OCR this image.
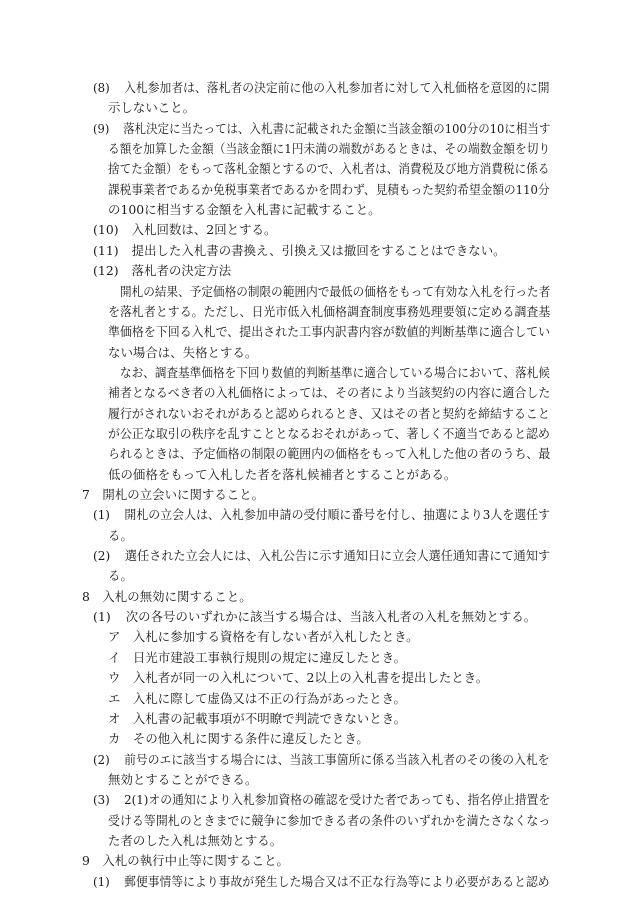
(8) 入札参加者は、落札者の決定前に他の入札参加者に対して入札価格を意図的に開
示しないこと。
(9) 落札決定に当たっては、入札書に記載された金額に当該金額の100分の10に相当す
る額を加算した金額（当該金額に1円未満の端数があるときは、その端数金額を切り
捨てた金額）をもって落札金額とするので、入札者は、消費税及び地方消費税に係る
課税事業者であるか免税事業者であるかを問わず、見積もった契約希望金額の110分
の100に相当する金額を入札書に記載すること。
(10) 入札回数は、2回とする。
(11) 提出した入札書の書換え、引換え又は撤回をすることはできない。
(12) 落札者の決定方法
開札の結果、予定価格の制限の範囲内で最低の価格をもって有効な入札を行った者
を落札者とする。ただし、日光市低入札価格調査制度事務処理要領に定める調査基
準価格を下回る入札で、提出された工事内訳書内容が数値的判断基準に適合してい
ない場合は、失格とする。
なお、調査基準価格を下回り数値的判断基準に適合している場合において、落札候
補者となるべき者の入札価格によっては、その者により当該契約の内容に適合した
履行がされないおそれがあると認められるとき、又はその者と契約を締結すること
が公正な取引の秩序を乱すこととなるおそれがあって、著しく不適当であると認め
られるときは、予定価格の制限の範囲内の価格をもって入札した他の者のうち、最
低の価格をもって入札した者を落札候補者とすることがある。
7　開札の立会いに関すること。
(1) 開札の立会人は、入札参加申請の受付順に番号を付し、抽選により3人を選任す
る。
(2) 選任された立会人には、入札公告に示す通知日に立会人選任通知書にて通知す
る。
8　入札の無効に関すること。
(1) 次の各号のいずれかに該当する場合は、当該入札者の入札を無効とする。
ア　入札に参加する資格を有しない者が入札したとき。
イ　日光市建設工事執行規則の規定に違反したとき。
ウ　入札者が同一の入札について、2以上の入札書を提出したとき。
エ　入札に際して虚偽又は不正の行為があったとき。
オ　入札書の記載事項が不明瞭で判読できないとき。
カ　その他入札に関する条件に違反したとき。
(2) 前号のエに該当する場合には、当該工事箇所に係る当該入札者のその後の入札を
無効とすることができる。
(3) 2(1)オの通知により入札参加資格の確認を受けた者であっても、指名停止措置を
受ける等開札のときまでに競争に参加できる者の条件のいずれかを満たさなくなっ
た者のした入札は無効とする。
9　入札の執行中止等に関すること。
(1) 郵便事情等により事故が発生した場合又は不正な行為等により必要があると認め
